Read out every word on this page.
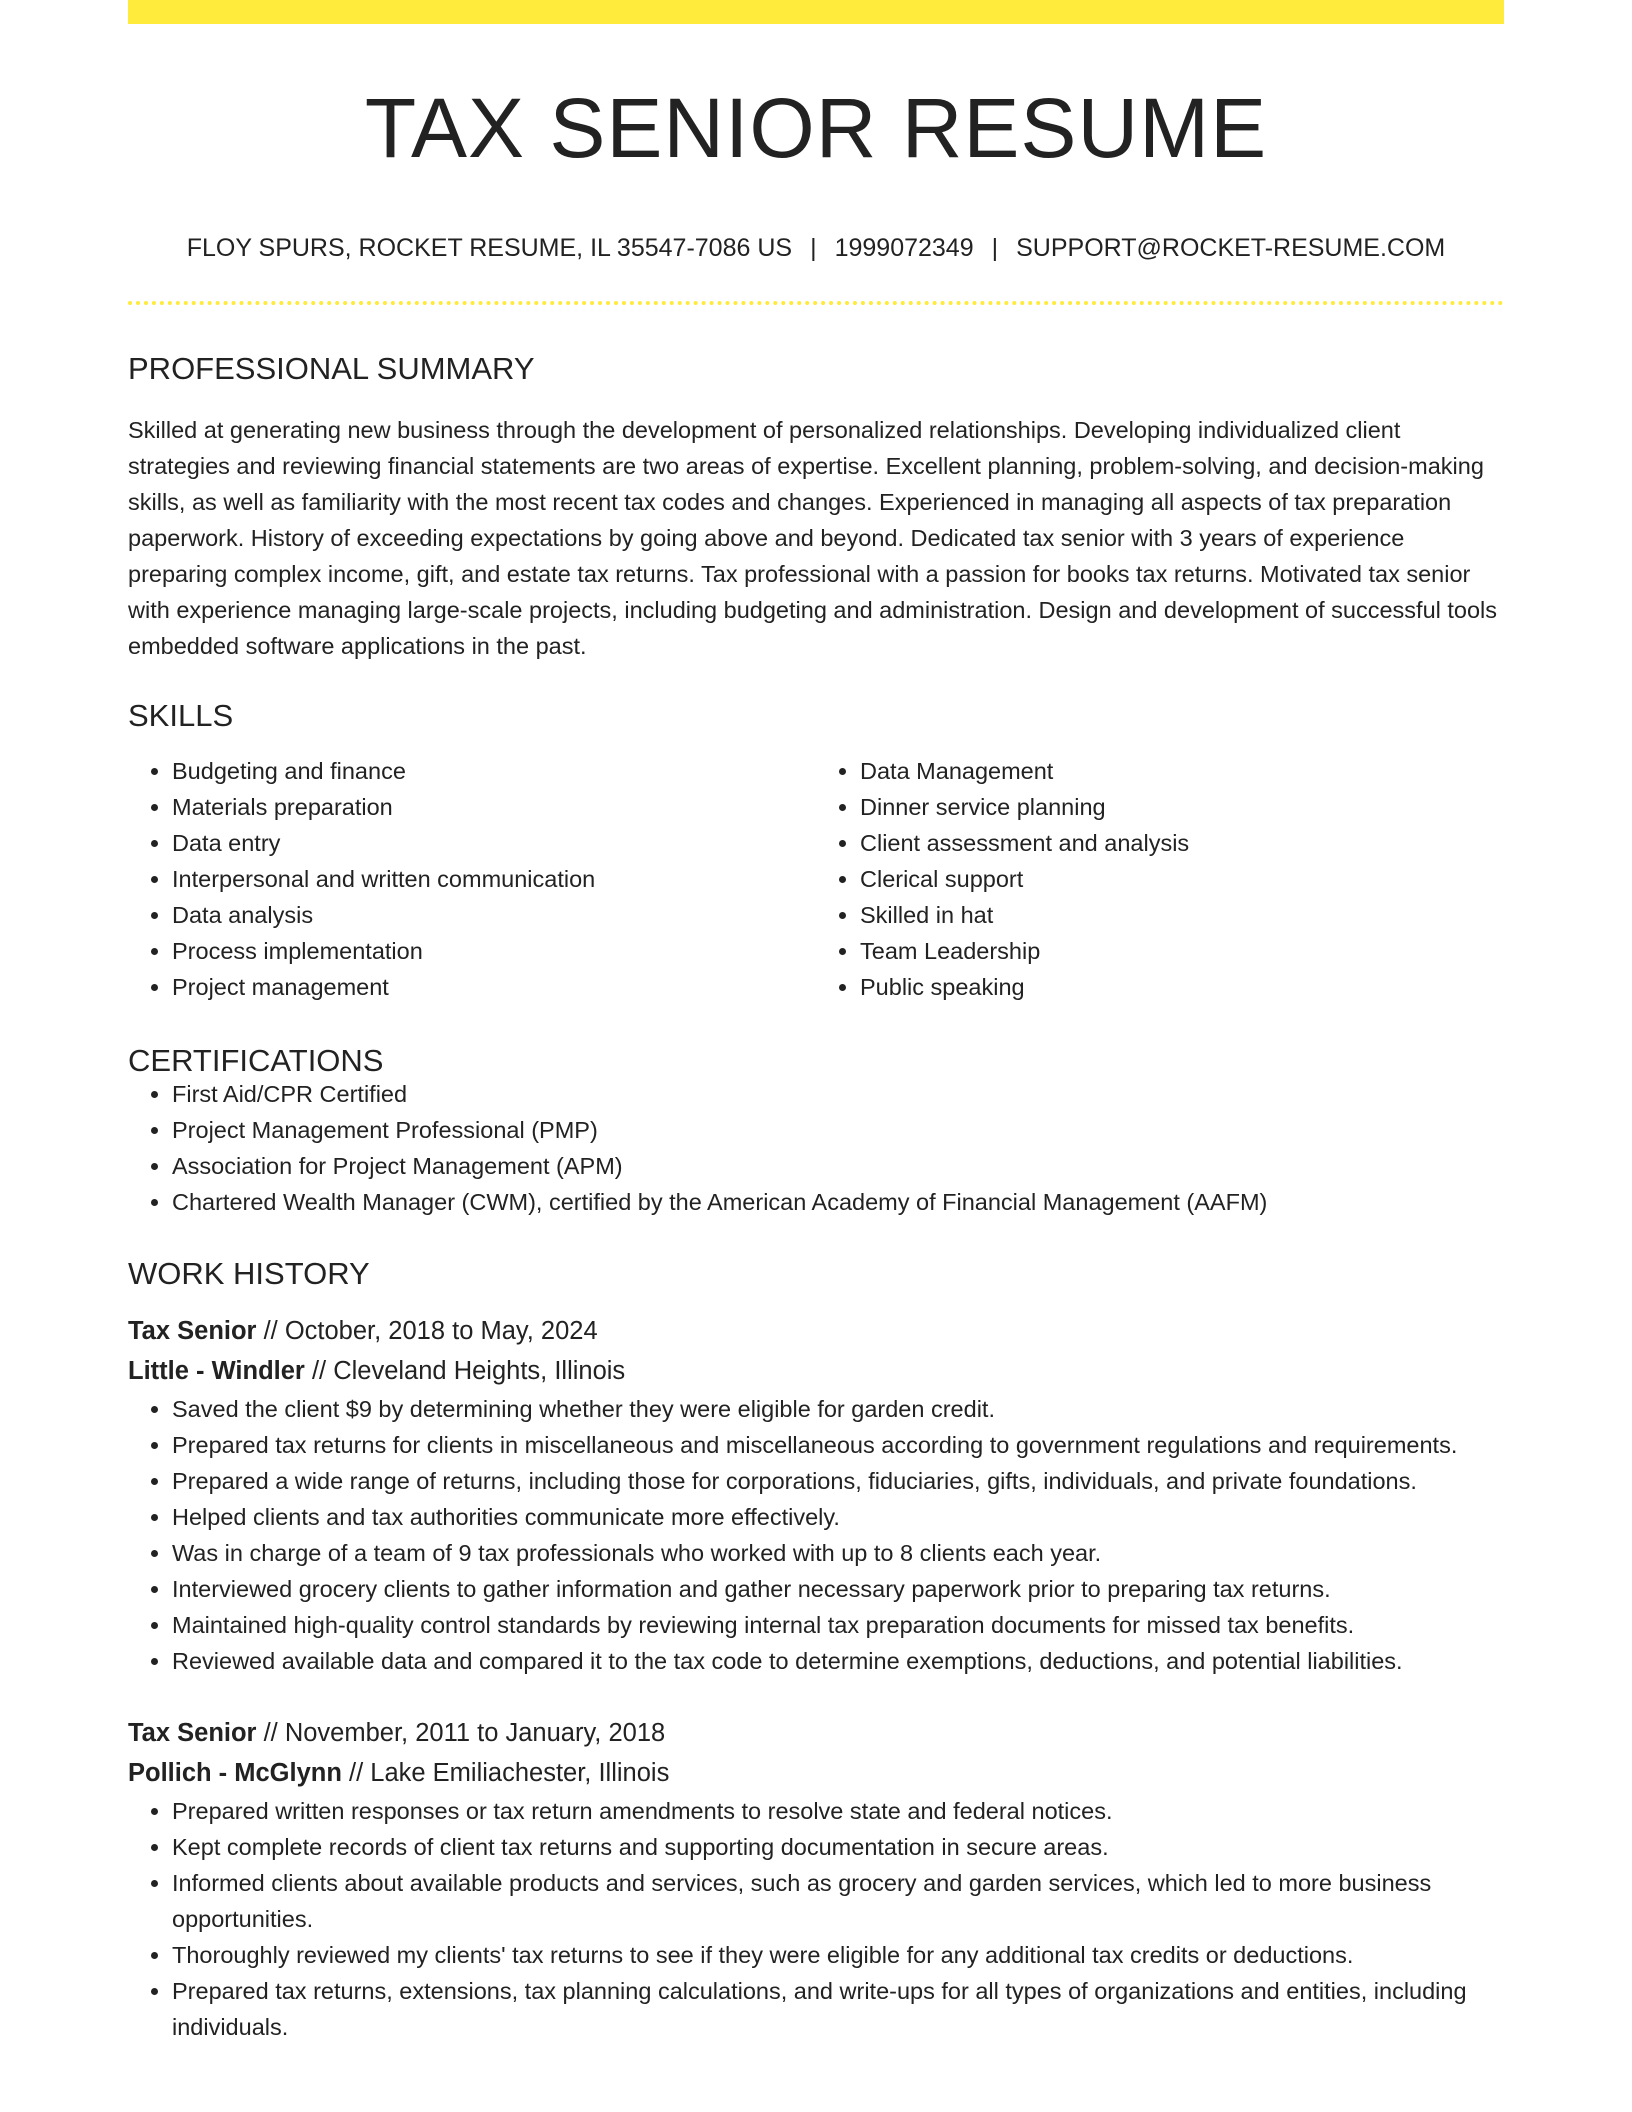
TAX SENIOR RESUME
FLOY SPURS, ROCKET RESUME, IL 35547-7086 US | 1999072349 | SUPPORT@ROCKET-RESUME.COM
PROFESSIONAL SUMMARY
Skilled at generating new business through the development of personalized relationships. Developing individualized client strategies and reviewing financial statements are two areas of expertise. Excellent planning, problem-solving, and decision-making skills, as well as familiarity with the most recent tax codes and changes. Experienced in managing all aspects of tax preparation paperwork. History of exceeding expectations by going above and beyond. Dedicated tax senior with 3 years of experience preparing complex income, gift, and estate tax returns. Tax professional with a passion for books tax returns. Motivated tax senior with experience managing large-scale projects, including budgeting and administration. Design and development of successful tools embedded software applications in the past.
SKILLS
• Budgeting and finance
• Materials preparation
• Data entry
• Interpersonal and written communication
• Data analysis
• Process implementation
• Project management
• Data Management
• Dinner service planning
• Client assessment and analysis
• Clerical support
• Skilled in hat
• Team Leadership
• Public speaking
CERTIFICATIONS
• First Aid/CPR Certified
• Project Management Professional (PMP)
• Association for Project Management (APM)
• Chartered Wealth Manager (CWM), certified by the American Academy of Financial Management (AAFM)
WORK HISTORY
Tax Senior // October, 2018 to May, 2024
Little - Windler // Cleveland Heights, Illinois
• Saved the client $9 by determining whether they were eligible for garden credit.
• Prepared tax returns for clients in miscellaneous and miscellaneous according to government regulations and requirements.
• Prepared a wide range of returns, including those for corporations, fiduciaries, gifts, individuals, and private foundations.
• Helped clients and tax authorities communicate more effectively.
• Was in charge of a team of 9 tax professionals who worked with up to 8 clients each year.
• Interviewed grocery clients to gather information and gather necessary paperwork prior to preparing tax returns.
• Maintained high-quality control standards by reviewing internal tax preparation documents for missed tax benefits.
• Reviewed available data and compared it to the tax code to determine exemptions, deductions, and potential liabilities.
Tax Senior // November, 2011 to January, 2018
Pollich - McGlynn // Lake Emiliachester, Illinois
• Prepared written responses or tax return amendments to resolve state and federal notices.
• Kept complete records of client tax returns and supporting documentation in secure areas.
• Informed clients about available products and services, such as grocery and garden services, which led to more business opportunities.
• Thoroughly reviewed my clients' tax returns to see if they were eligible for any additional tax credits or deductions.
• Prepared tax returns, extensions, tax planning calculations, and write-ups for all types of organizations and entities, including individuals.
